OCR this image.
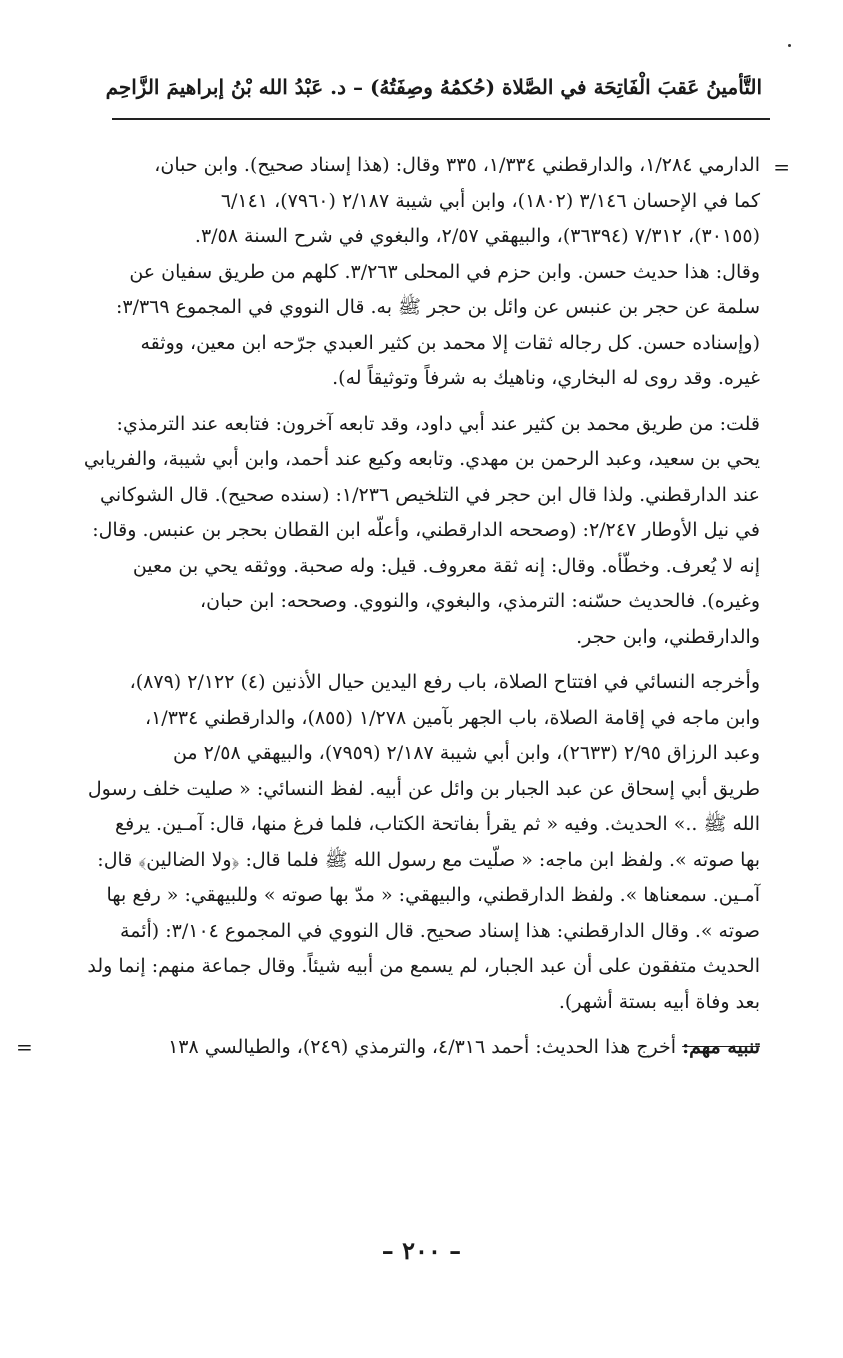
التَّأمينُ عَقبَ الْفَاتِحَة في الصَّلاة (حُكمُهُ وصِفَتُهُ) – د. عَبْدُ الله بْنُ إبراهيمَ الزَّاحِم
=
الدارمي ١/٢٨٤، والدارقطني ١/٣٣٤، ٣٣٥ وقال: (هذا إسناد صحيح). وابن حبان،
كما في الإحسان ٣/١٤٦ (١٨٠٢)، وابن أبي شيبة ٢/١٨٧ (٧٩٦٠)، ٦/١٤١
(٣٠١٥٥)، ٧/٣١٢ (٣٦٣٩٤)، والبيهقي ٢/٥٧، والبغوي في شرح السنة ٣/٥٨.
وقال: هذا حديث حسن. وابن حزم في المحلى ٣/٢٦٣. كلهم من طريق سفيان عن
سلمة عن حجر بن عنبس عن وائل بن حجر ﷺ به. قال النووي في المجموع ٣/٣٦٩:
(وإسناده حسن. كل رجاله ثقات إلا محمد بن كثير العبدي جرّحه ابن معين، ووثقه
غيره. وقد روى له البخاري، وناهيك به شرفاً وتوثيقاً له).
قلت: من طريق محمد بن كثير عند أبي داود، وقد تابعه آخرون: فتابعه عند الترمذي:
يحي بن سعيد، وعبد الرحمن بن مهدي. وتابعه وكيع عند أحمد، وابن أبي شيبة، والفريابي
عند الدارقطني. ولذا قال ابن حجر في التلخيص ١/٢٣٦: (سنده صحيح). قال الشوكاني
في نيل الأوطار ٢/٢٤٧: (وصححه الدارقطني، وأعلّه ابن القطان بحجر بن عنبس. وقال:
إنه لا يُعرف. وخطّأه. وقال: إنه ثقة معروف. قيل: وله صحبة. ووثقه يحي بن معين
وغيره). فالحديث حسّنه: الترمذي، والبغوي، والنووي. وصححه: ابن حبان،
والدارقطني، وابن حجر.
وأخرجه النسائي في افتتاح الصلاة، باب رفع اليدين حيال الأذنين (٤) ٢/١٢٢ (٨٧٩)،
وابن ماجه في إقامة الصلاة، باب الجهر بآمين ١/٢٧٨ (٨٥٥)، والدارقطني ١/٣٣٤،
وعبد الرزاق ٢/٩٥ (٢٦٣٣)، وابن أبي شيبة ٢/١٨٧ (٧٩٥٩)، والبيهقي ٢/٥٨ من
طريق أبي إسحاق عن عبد الجبار بن وائل عن أبيه. لفظ النسائي: « صليت خلف رسول
الله ﷺ ..» الحديث. وفيه « ثم يقرأ بفاتحة الكتاب، فلما فرغ منها، قال: آمـين. يرفع
بها صوته ». ولفظ ابن ماجه: « صلّيت مع رسول الله ﷺ فلما قال: ﴿ولا الضالين﴾ قال:
آمـين. سمعناها ». ولفظ الدارقطني، والبيهقي: « مدّ بها صوته » وللبيهقي: « رفع بها
صوته ». وقال الدارقطني: هذا إسناد صحيح. قال النووي في المجموع ٣/١٠٤: (أئمة
الحديث متفقون على أن عبد الجبار، لم يسمع من أبيه شيئاً. وقال جماعة منهم: إنما ولد
بعد وفاة أبيه بستة أشهر).
تنبيه مهم: أخرج هذا الحديث: أحمد ٤/٣١٦، والترمذي (٢٤٩)، والطيالسي ١٣٨
=
– ٢٠٠ –
